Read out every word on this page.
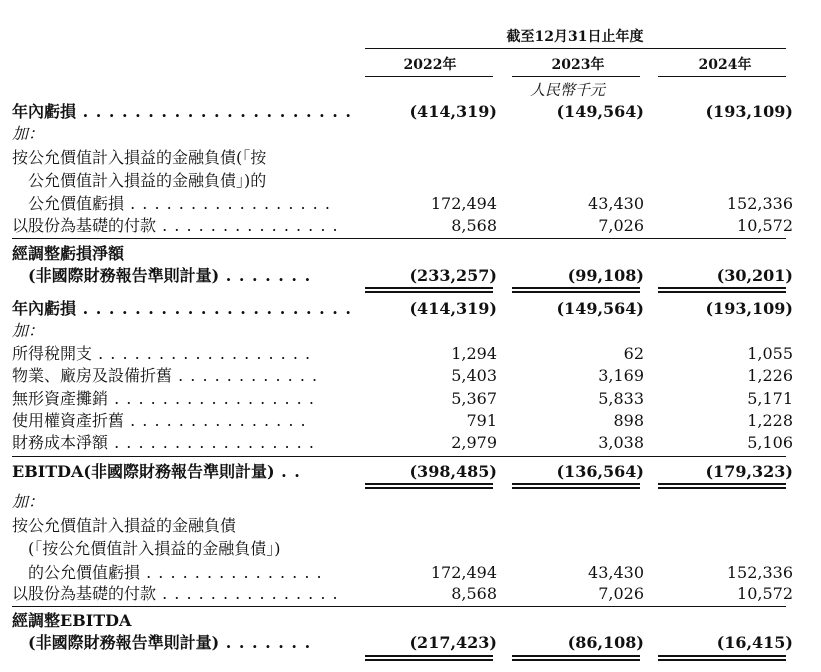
截至12月31日止年度
2022年	2023年	2024年
人民幣千元
年內虧損 . . . . . . . . . . . . . . . . . . . . .	(414,319)	(149,564)	(193,109)
加：
按公允價值計入損益的金融負債(「按
公允價值計入損益的金融負債」)的
公允價值虧損 . . . . . . . . . . . . . . . . .	172,494	43,430	152,336
以股份為基礎的付款 . . . . . . . . . . . . . . .	8,568	7,026	10,572
經調整虧損淨額
(非國際財務報告準則計量) . . . . . . .	(233,257)	(99,108)	(30,201)
年內虧損 . . . . . . . . . . . . . . . . . . . . .	(414,319)	(149,564)	(193,109)
加：
所得稅開支 . . . . . . . . . . . . . . . . . .	1,294	62	1,055
物業、廠房及設備折舊 . . . . . . . . . . . .	5,403	3,169	1,226
無形資產攤銷 . . . . . . . . . . . . . . . . .	5,367	5,833	5,171
使用權資產折舊 . . . . . . . . . . . . . . .	791	898	1,228
財務成本淨額 . . . . . . . . . . . . . . . . .	2,979	3,038	5,106
EBITDA(非國際財務報告準則計量) . .	(398,485)	(136,564)	(179,323)
加：
按公允價值計入損益的金融負債
(「按公允價值計入損益的金融負債」)
的公允價值虧損 . . . . . . . . . . . . . . .	172,494	43,430	152,336
以股份為基礎的付款 . . . . . . . . . . . . . . .	8,568	7,026	10,572
經調整EBITDA
(非國際財務報告準則計量) . . . . . . .	(217,423)	(86,108)	(16,415)
